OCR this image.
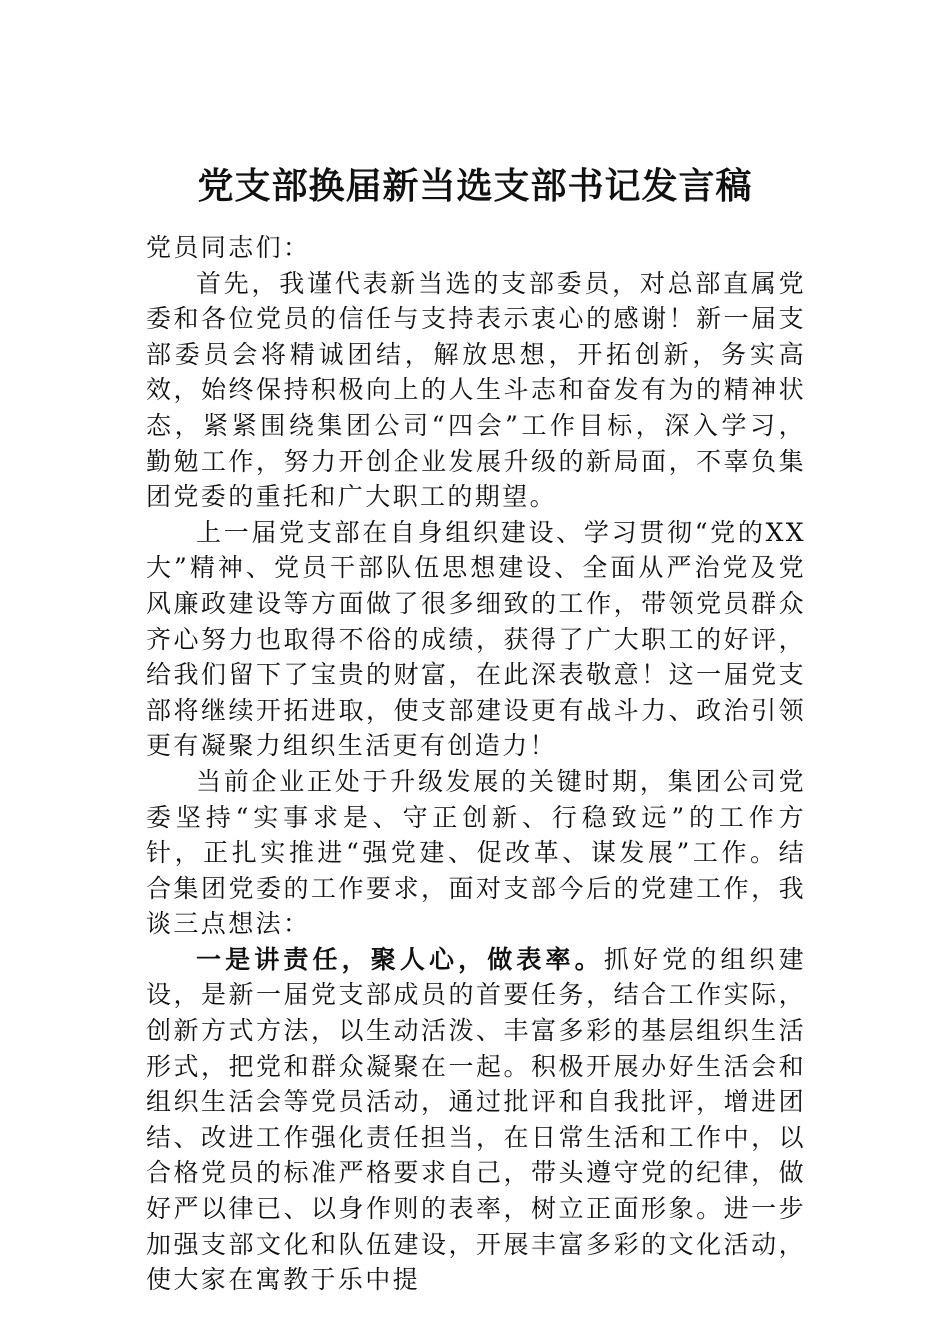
党支部换届新当选支部书记发言稿

党员同志们：

首先，我谨代表新当选的支部委员，对总部直属党委和各位党员的信任与支持表示衷心的感谢！新一届支部委员会将精诚团结，解放思想，开拓创新，务实高效，始终保持积极向上的人生斗志和奋发有为的精神状态，紧紧围绕集团公司“四会”工作目标，深入学习，勤勉工作，努力开创企业发展升级的新局面，不辜负集团党委的重托和广大职工的期望。

上一届党支部在自身组织建设、学习贯彻“党的XX大”精神、党员干部队伍思想建设、全面从严治党及党风廉政建设等方面做了很多细致的工作，带领党员群众齐心努力也取得不俗的成绩，获得了广大职工的好评，给我们留下了宝贵的财富，在此深表敬意！这一届党支部将继续开拓进取，使支部建设更有战斗力、政治引领更有凝聚力组织生活更有创造力！

当前企业正处于升级发展的关键时期，集团公司党委坚持“实事求是、守正创新、行稳致远”的工作方针，正扎实推进“强党建、促改革、谋发展”工作。结合集团党委的工作要求，面对支部今后的党建工作，我谈三点想法：

一是讲责任，聚人心，做表率。抓好党的组织建设，是新一届党支部成员的首要任务，结合工作实际，创新方式方法，以生动活泼、丰富多彩的基层组织生活形式，把党和群众凝聚在一起。积极开展办好生活会和组织生活会等党员活动，通过批评和自我批评，增进团结、改进工作强化责任担当，在日常生活和工作中，以合格党员的标准严格要求自己，带头遵守党的纪律，做好严以律已、以身作则的表率，树立正面形象。进一步加强支部文化和队伍建设，开展丰富多彩的文化活动，使大家在寓教于乐中提
